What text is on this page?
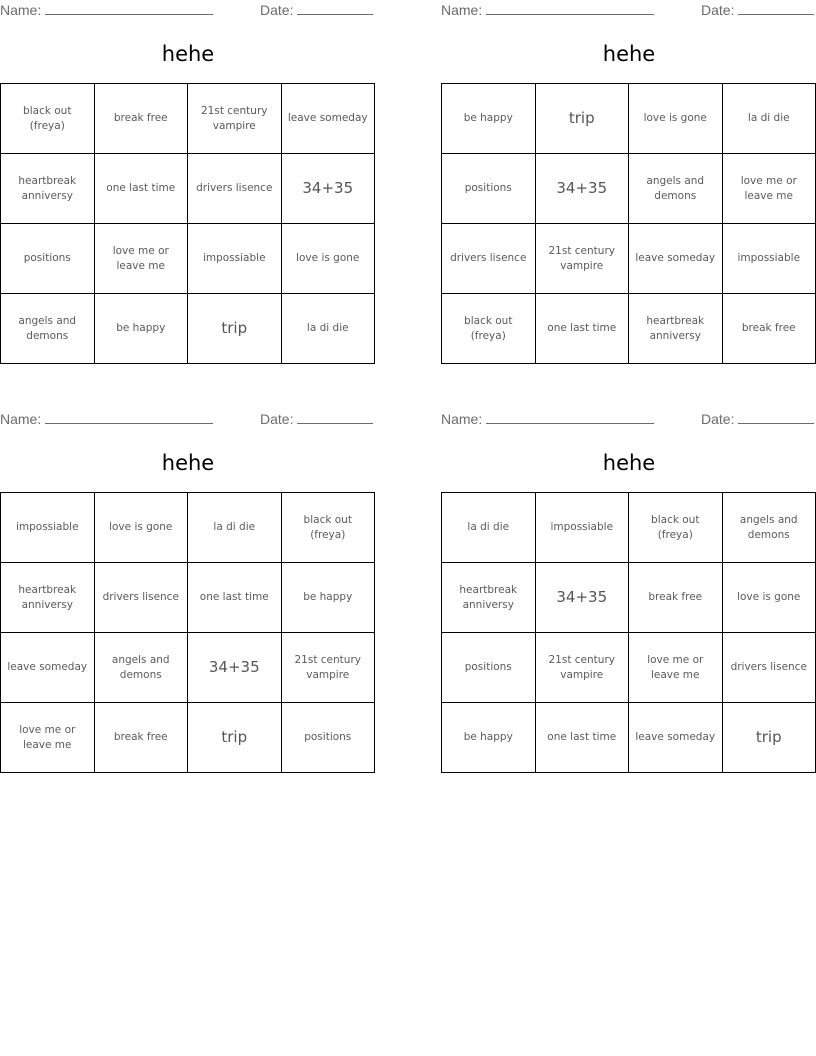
Name:	Date:
hehe
black out (freya)	break free	21st century vampire	leave someday
heartbreak anniversy	one last time	drivers lisence	34+35
positions	love me or leave me	impossiable	love is gone
angels and demons	be happy	trip	la di die
Name:	Date:
hehe
be happy	trip	love is gone	la di die
positions	34+35	angels and demons	love me or leave me
drivers lisence	21st century vampire	leave someday	impossiable
black out (freya)	one last time	heartbreak anniversy	break free
Name:	Date:
hehe
impossiable	love is gone	la di die	black out (freya)
heartbreak anniversy	drivers lisence	one last time	be happy
leave someday	angels and demons	34+35	21st century vampire
love me or leave me	break free	trip	positions
Name:	Date:
hehe
la di die	impossiable	black out (freya)	angels and demons
heartbreak anniversy	34+35	break free	love is gone
positions	21st century vampire	love me or leave me	drivers lisence
be happy	one last time	leave someday	trip
